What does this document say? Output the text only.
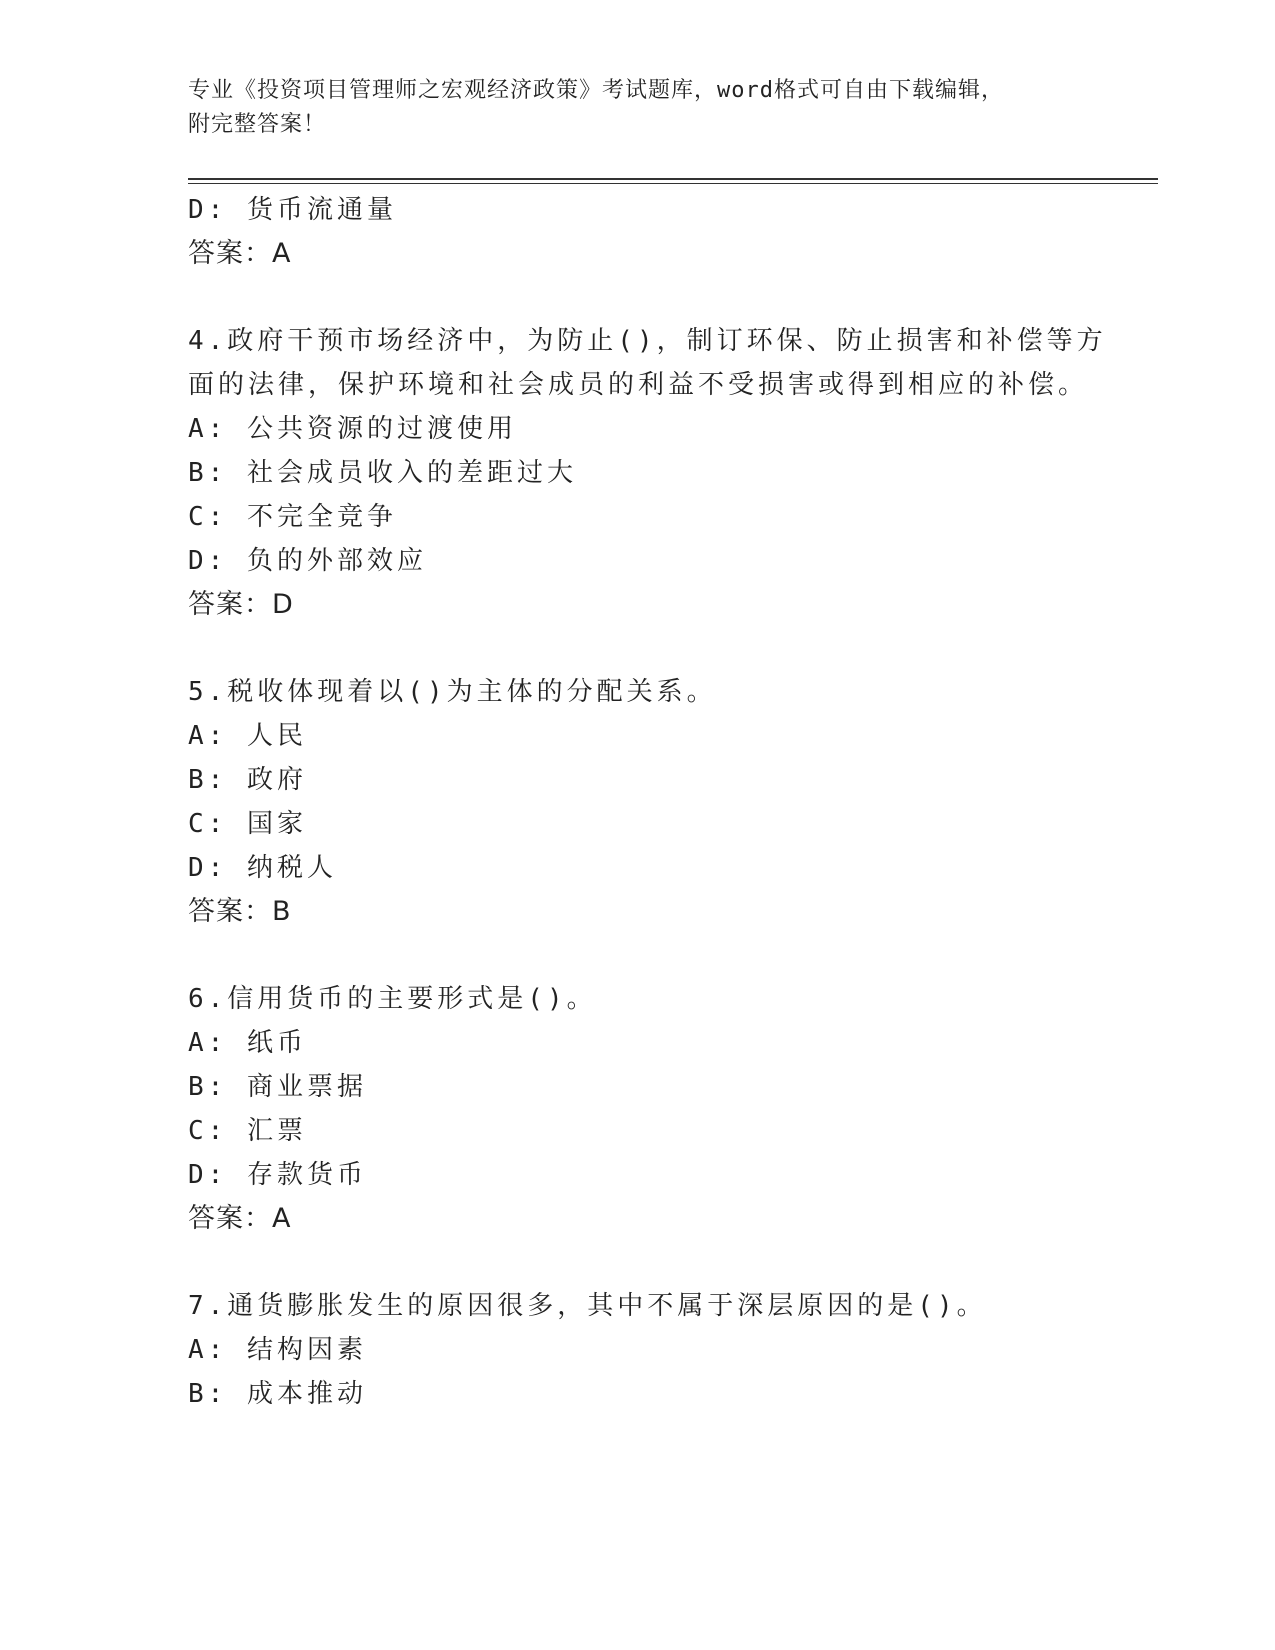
专业《投资项目管理师之宏观经济政策》考试题库，word格式可自由下载编辑，
附完整答案！
D: 货币流通量
答案：A
4.政府干预市场经济中，为防止()，制订环保、防止损害和补偿等方
面的法律，保护环境和社会成员的利益不受损害或得到相应的补偿。
A: 公共资源的过渡使用
B: 社会成员收入的差距过大
C: 不完全竞争
D: 负的外部效应
答案：D
5.税收体现着以()为主体的分配关系。
A: 人民
B: 政府
C: 国家
D: 纳税人
答案：B
6.信用货币的主要形式是()。
A: 纸币
B: 商业票据
C: 汇票
D: 存款货币
答案：A
7.通货膨胀发生的原因很多，其中不属于深层原因的是()。
A: 结构因素
B: 成本推动
